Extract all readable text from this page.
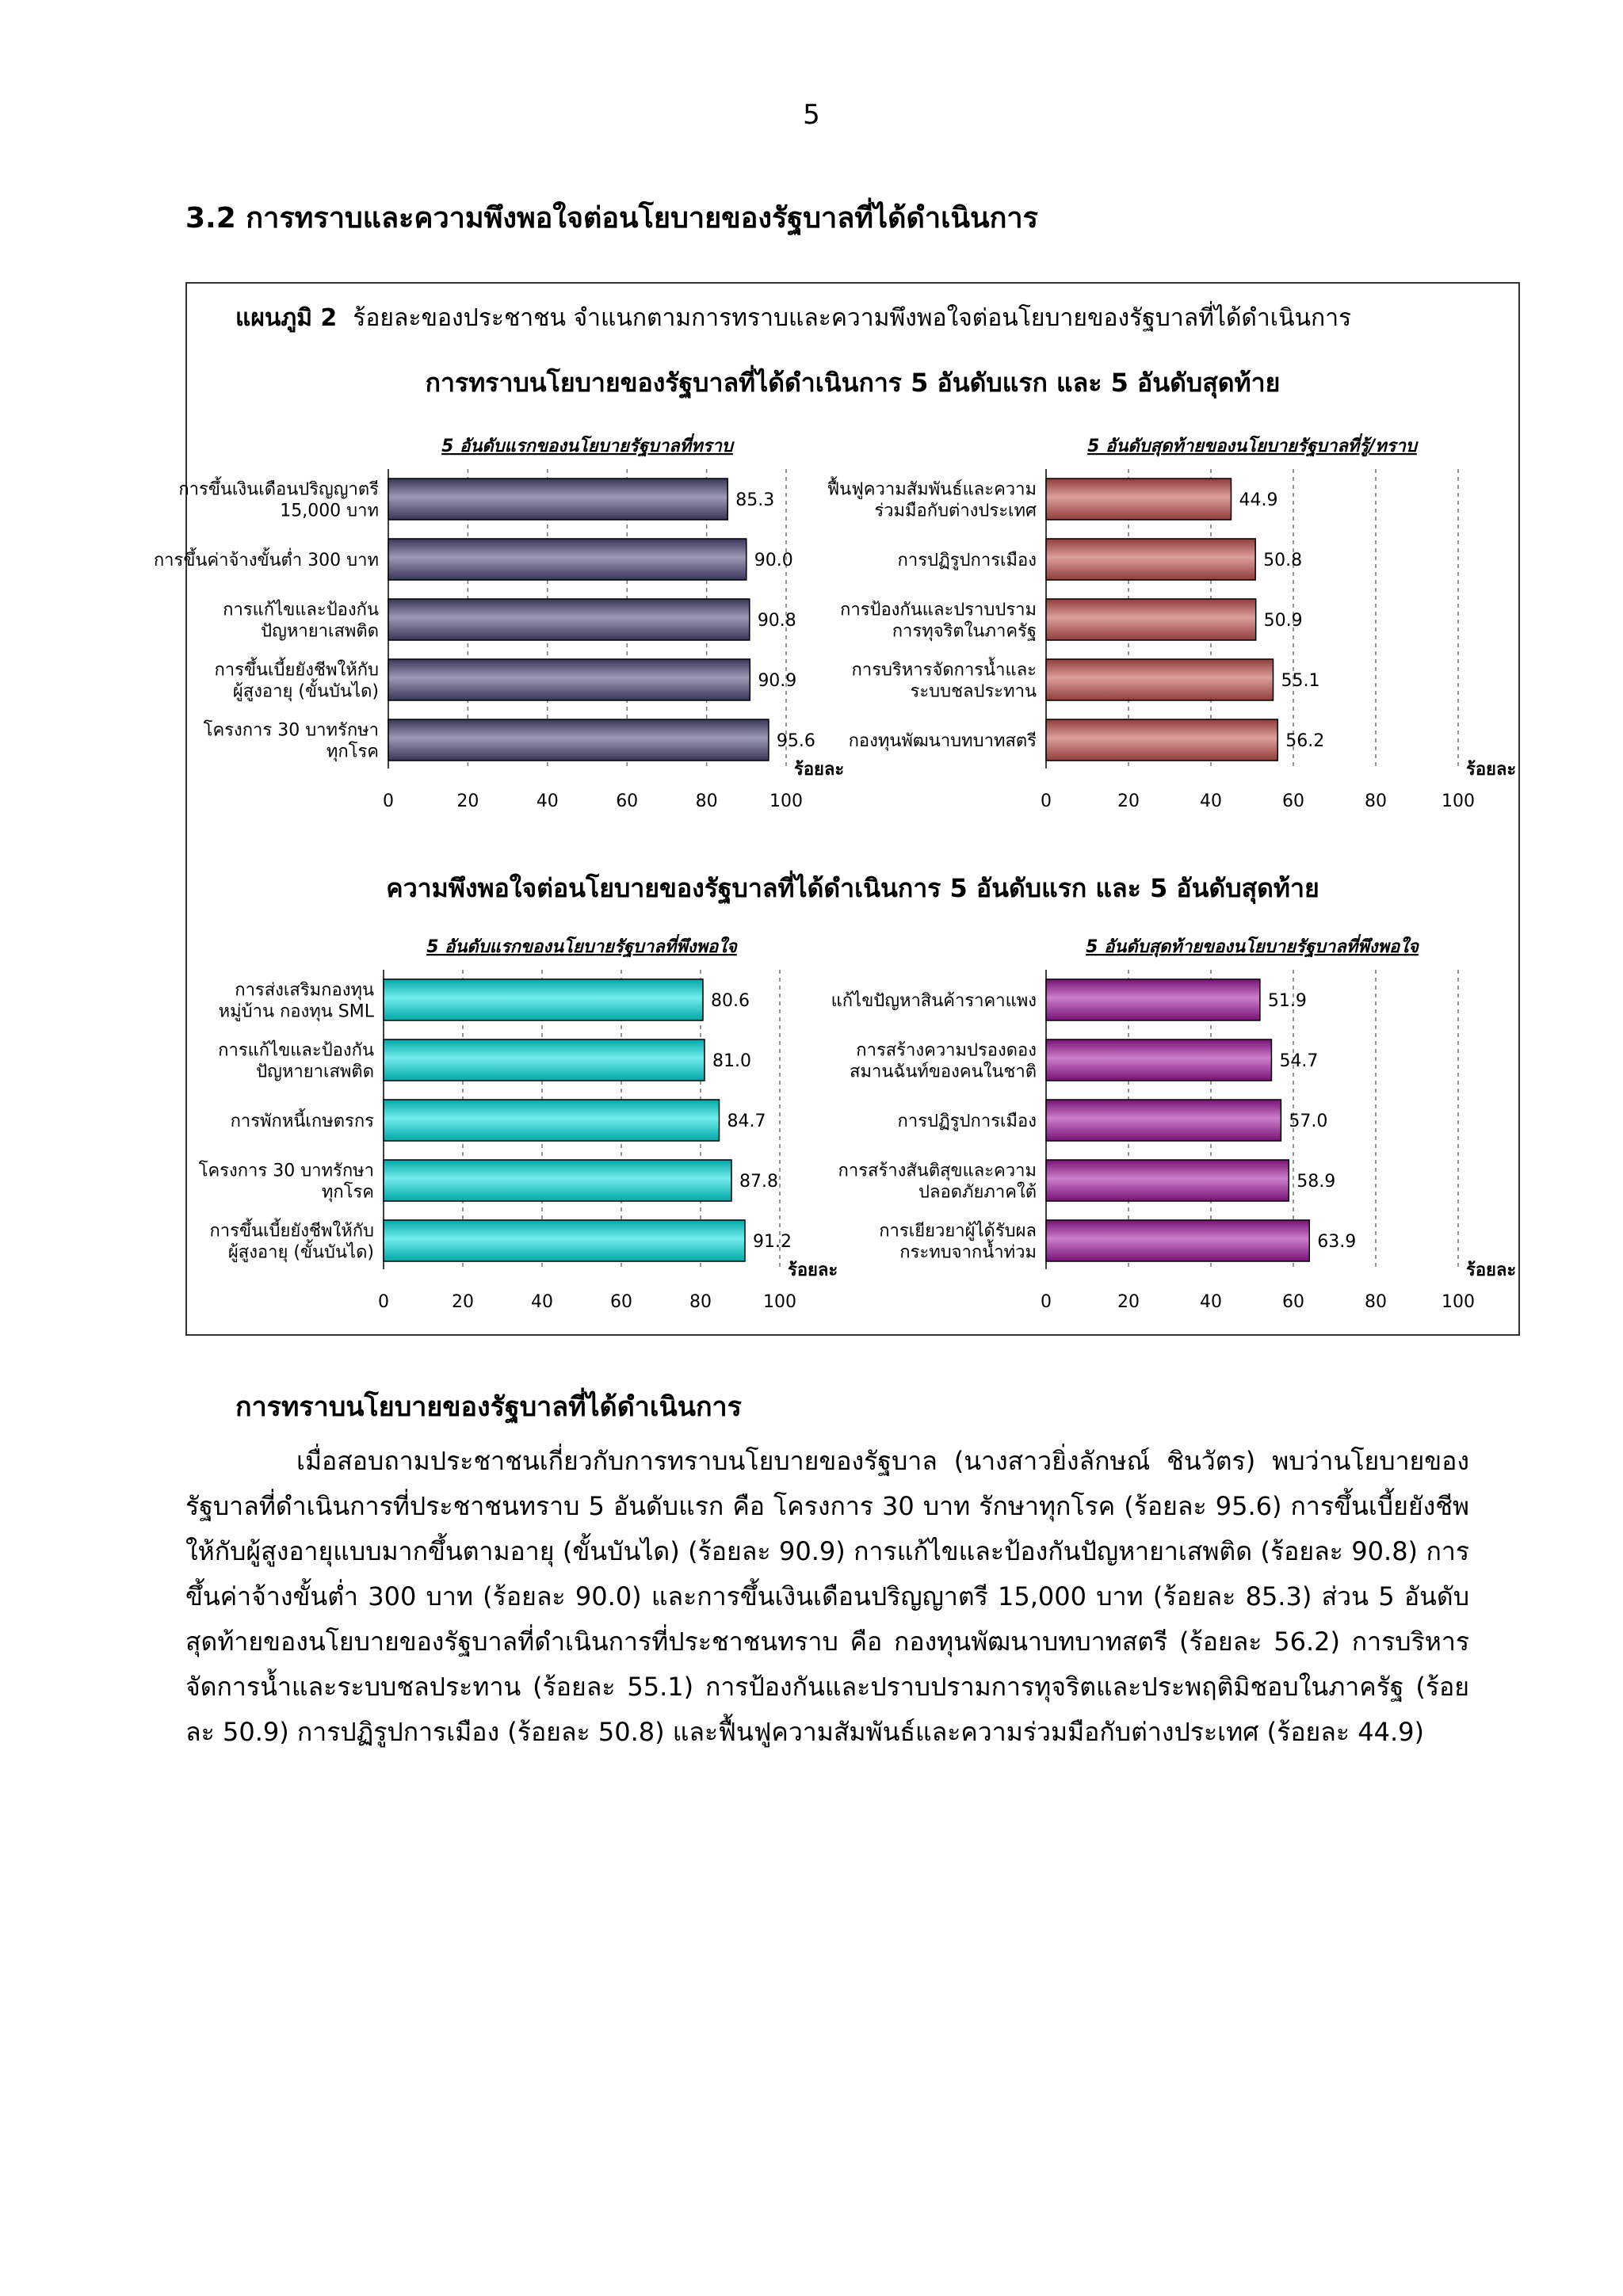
5
3.2 การทราบและความพึงพอใจต่อนโยบายของรัฐบาลที่ได้ดำเนินการ
แผนภูมิ 2 ร้อยละของประชาชน จำแนกตามการทราบและความพึงพอใจต่อนโยบายของรัฐบาลที่ได้ดำเนินการ
การทราบนโยบายของรัฐบาลที่ได้ดำเนินการ 5 อันดับแรก และ 5 อันดับสุดท้าย
ความพึงพอใจต่อนโยบายของรัฐบาลที่ได้ดำเนินการ 5 อันดับแรก และ 5 อันดับสุดท้าย
5 อันดับแรกของนโยบายรัฐบาลที่ทราบ
85.3
การขึ้นเงินเดือนปริญญาตรี
15,000 บาท
90.0
การขึ้นค่าจ้างขั้นต่ำ 300 บาท
90.8
การแก้ไขและป้องกัน
ปัญหายาเสพติด
90.9
การขึ้นเบี้ยยังชีพให้กับ
ผู้สูงอายุ (ขั้นบันได)
95.6
โครงการ 30 บาทรักษา
ทุกโรค
0	20	40	60	80	100
ร้อยละ
5 อันดับสุดท้ายของนโยบายรัฐบาลที่รู้/ทราบ
44.9
ฟื้นฟูความสัมพันธ์และความ
ร่วมมือกับต่างประเทศ
50.8
การปฏิรูปการเมือง
50.9
การป้องกันและปราบปราม
การทุจริตในภาครัฐ
55.1
การบริหารจัดการน้ำและ
ระบบชลประทาน
56.2
กองทุนพัฒนาบทบาทสตรี
0	20	40	60	80	100
ร้อยละ
5 อันดับแรกของนโยบายรัฐบาลที่พึงพอใจ
80.6
การส่งเสริมกองทุน
หมู่บ้าน กองทุน SML
81.0
การแก้ไขและป้องกัน
ปัญหายาเสพติด
84.7
การพักหนี้เกษตรกร
87.8
โครงการ 30 บาทรักษา
ทุกโรค
91.2
การขึ้นเบี้ยยังชีพให้กับ
ผู้สูงอายุ (ขั้นบันได)
0	20	40	60	80	100
ร้อยละ
5 อันดับสุดท้ายของนโยบายรัฐบาลที่พึงพอใจ
51.9
แก้ไขปัญหาสินค้าราคาแพง
54.7
การสร้างความปรองดอง
สมานฉันท์ของคนในชาติ
57.0
การปฏิรูปการเมือง
58.9
การสร้างสันติสุขและความ
ปลอดภัยภาคใต้
63.9
การเยียวยาผู้ได้รับผล
กระทบจากน้ำท่วม
0	20	40	60	80	100
ร้อยละ
การทราบนโยบายของรัฐบาลที่ได้ดำเนินการ

เมื่อสอบถามประชาชนเกี่ยวกับการทราบนโยบายของรัฐบาล (นางสาวยิ่งลักษณ์ ชินวัตร) พบว่านโยบายของรัฐบาลที่ดำเนินการที่ประชาชนทราบ 5 อันดับแรก คือ โครงการ 30 บาท รักษาทุกโรค (ร้อยละ 95.6) การขึ้นเบี้ยยังชีพให้กับผู้สูงอายุแบบมากขึ้นตามอายุ (ขั้นบันได) (ร้อยละ 90.9) การแก้ไขและป้องกันปัญหายาเสพติด (ร้อยละ 90.8) การขึ้นค่าจ้างขั้นต่ำ 300 บาท (ร้อยละ 90.0) และการขึ้นเงินเดือนปริญญาตรี 15,000 บาท (ร้อยละ 85.3) ส่วน 5 อันดับสุดท้ายของนโยบายของรัฐบาลที่ดำเนินการที่ประชาชนทราบ คือ กองทุนพัฒนาบทบาทสตรี (ร้อยละ 56.2) การบริหารจัดการน้ำและระบบชลประทาน (ร้อยละ 55.1) การป้องกันและปราบปรามการทุจริตและประพฤติมิชอบในภาครัฐ (ร้อยละ 50.9) การปฏิรูปการเมือง (ร้อยละ 50.8) และฟื้นฟูความสัมพันธ์และความร่วมมือกับต่างประเทศ (ร้อยละ 44.9)
